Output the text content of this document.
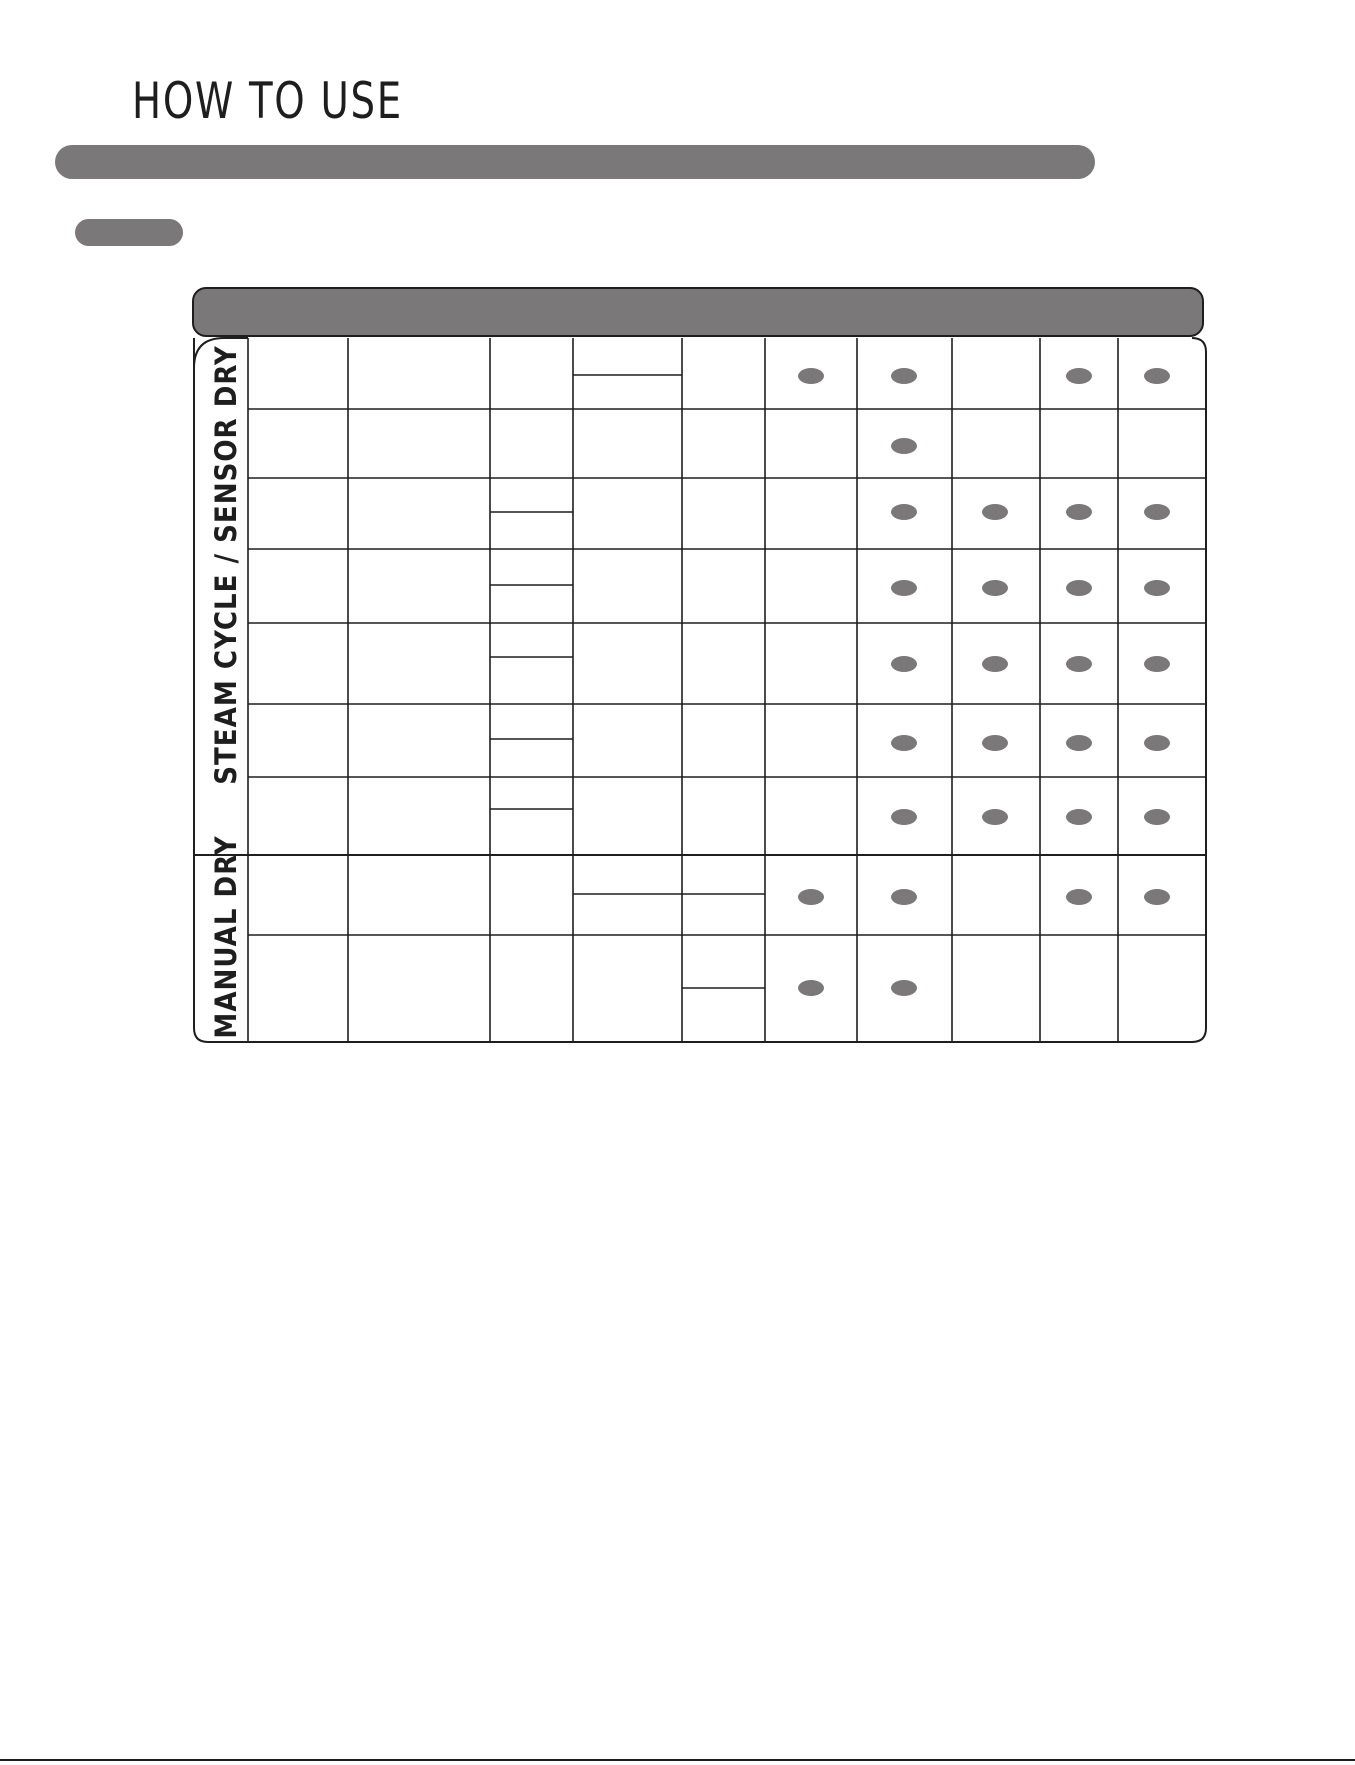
HOW TO USE
STEAM CYCLE / SENSOR DRY
MANUAL DRY
